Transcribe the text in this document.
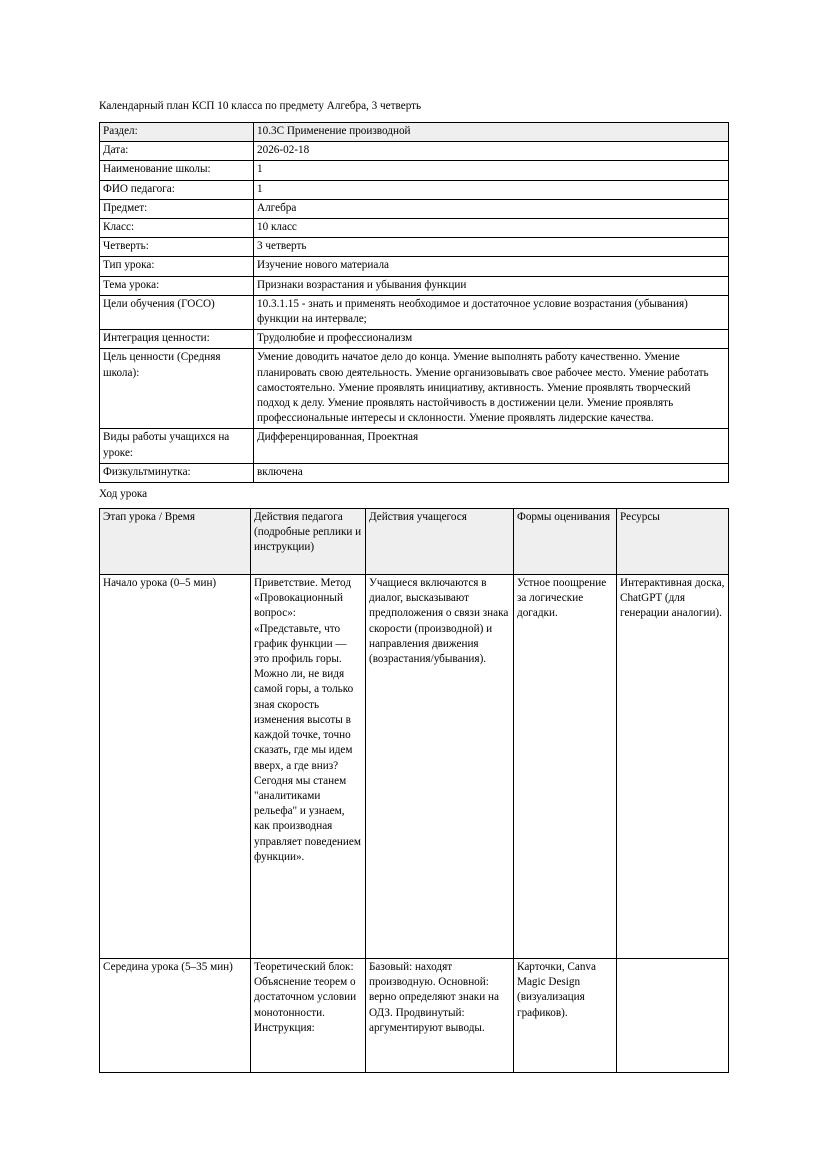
Календарный план КСП 10 класса по предмету Алгебра, 3 четверть

Раздел:	10.3C Применение производной
Дата:	2026-02-18
Наименование школы:	1
ФИО педагога:	1
Предмет:	Алгебра
Класс:	10 класс
Четверть:	3 четверть
Тип урока:	Изучение нового материала
Тема урока:	Признаки возрастания и убывания функции
Цели обучения (ГОСО)	10.3.1.15 - знать и применять необходимое и достаточное условие возрастания (убывания) функции на интервале;
Интеграция ценности:	Трудолюбие и профессионализм
Цель ценности (Средняя школа):	Умение доводить начатое дело до конца. Умение выполнять работу качественно. Умение планировать свою деятельность. Умение организовывать свое рабочее место. Умение работать самостоятельно. Умение проявлять инициативу, активность. Умение проявлять творческий подход к делу. Умение проявлять настойчивость в достижении цели. Умение проявлять профессиональные интересы и склонности. Умение проявлять лидерские качества.
Виды работы учащихся на уроке:	Дифференцированная, Проектная
Физкультминутка:	включена

Ход урока

Этап урока / Время	Действия педагога (подробные реплики и инструкции)	Действия учащегося	Формы оценивания	Ресурсы
Начало урока (0–5 мин)	Приветствие. Метод «Провокационный вопрос»: «Представьте, что график функции — это профиль горы. Можно ли, не видя самой горы, а только зная скорость изменения высоты в каждой точке, точно сказать, где мы идем вверх, а где вниз? Сегодня мы станем "аналитиками рельефа" и узнаем, как производная управляет поведением функции».	Учащиеся включаются в диалог, высказывают предположения о связи знака скорости (производной) и направления движения (возрастания/убывания).	Устное поощрение за логические догадки.	Интерактивная доска, ChatGPT (для генерации аналогии).
Середина урока (5–35 мин)	Теоретический блок: Объяснение теорем о достаточном условии монотонности. Инструкция:	Базовый: находят производную. Основной: верно определяют знаки на ОДЗ. Продвинутый: аргументируют выводы.	Карточки, Canva Magic Design (визуализация графиков).	
